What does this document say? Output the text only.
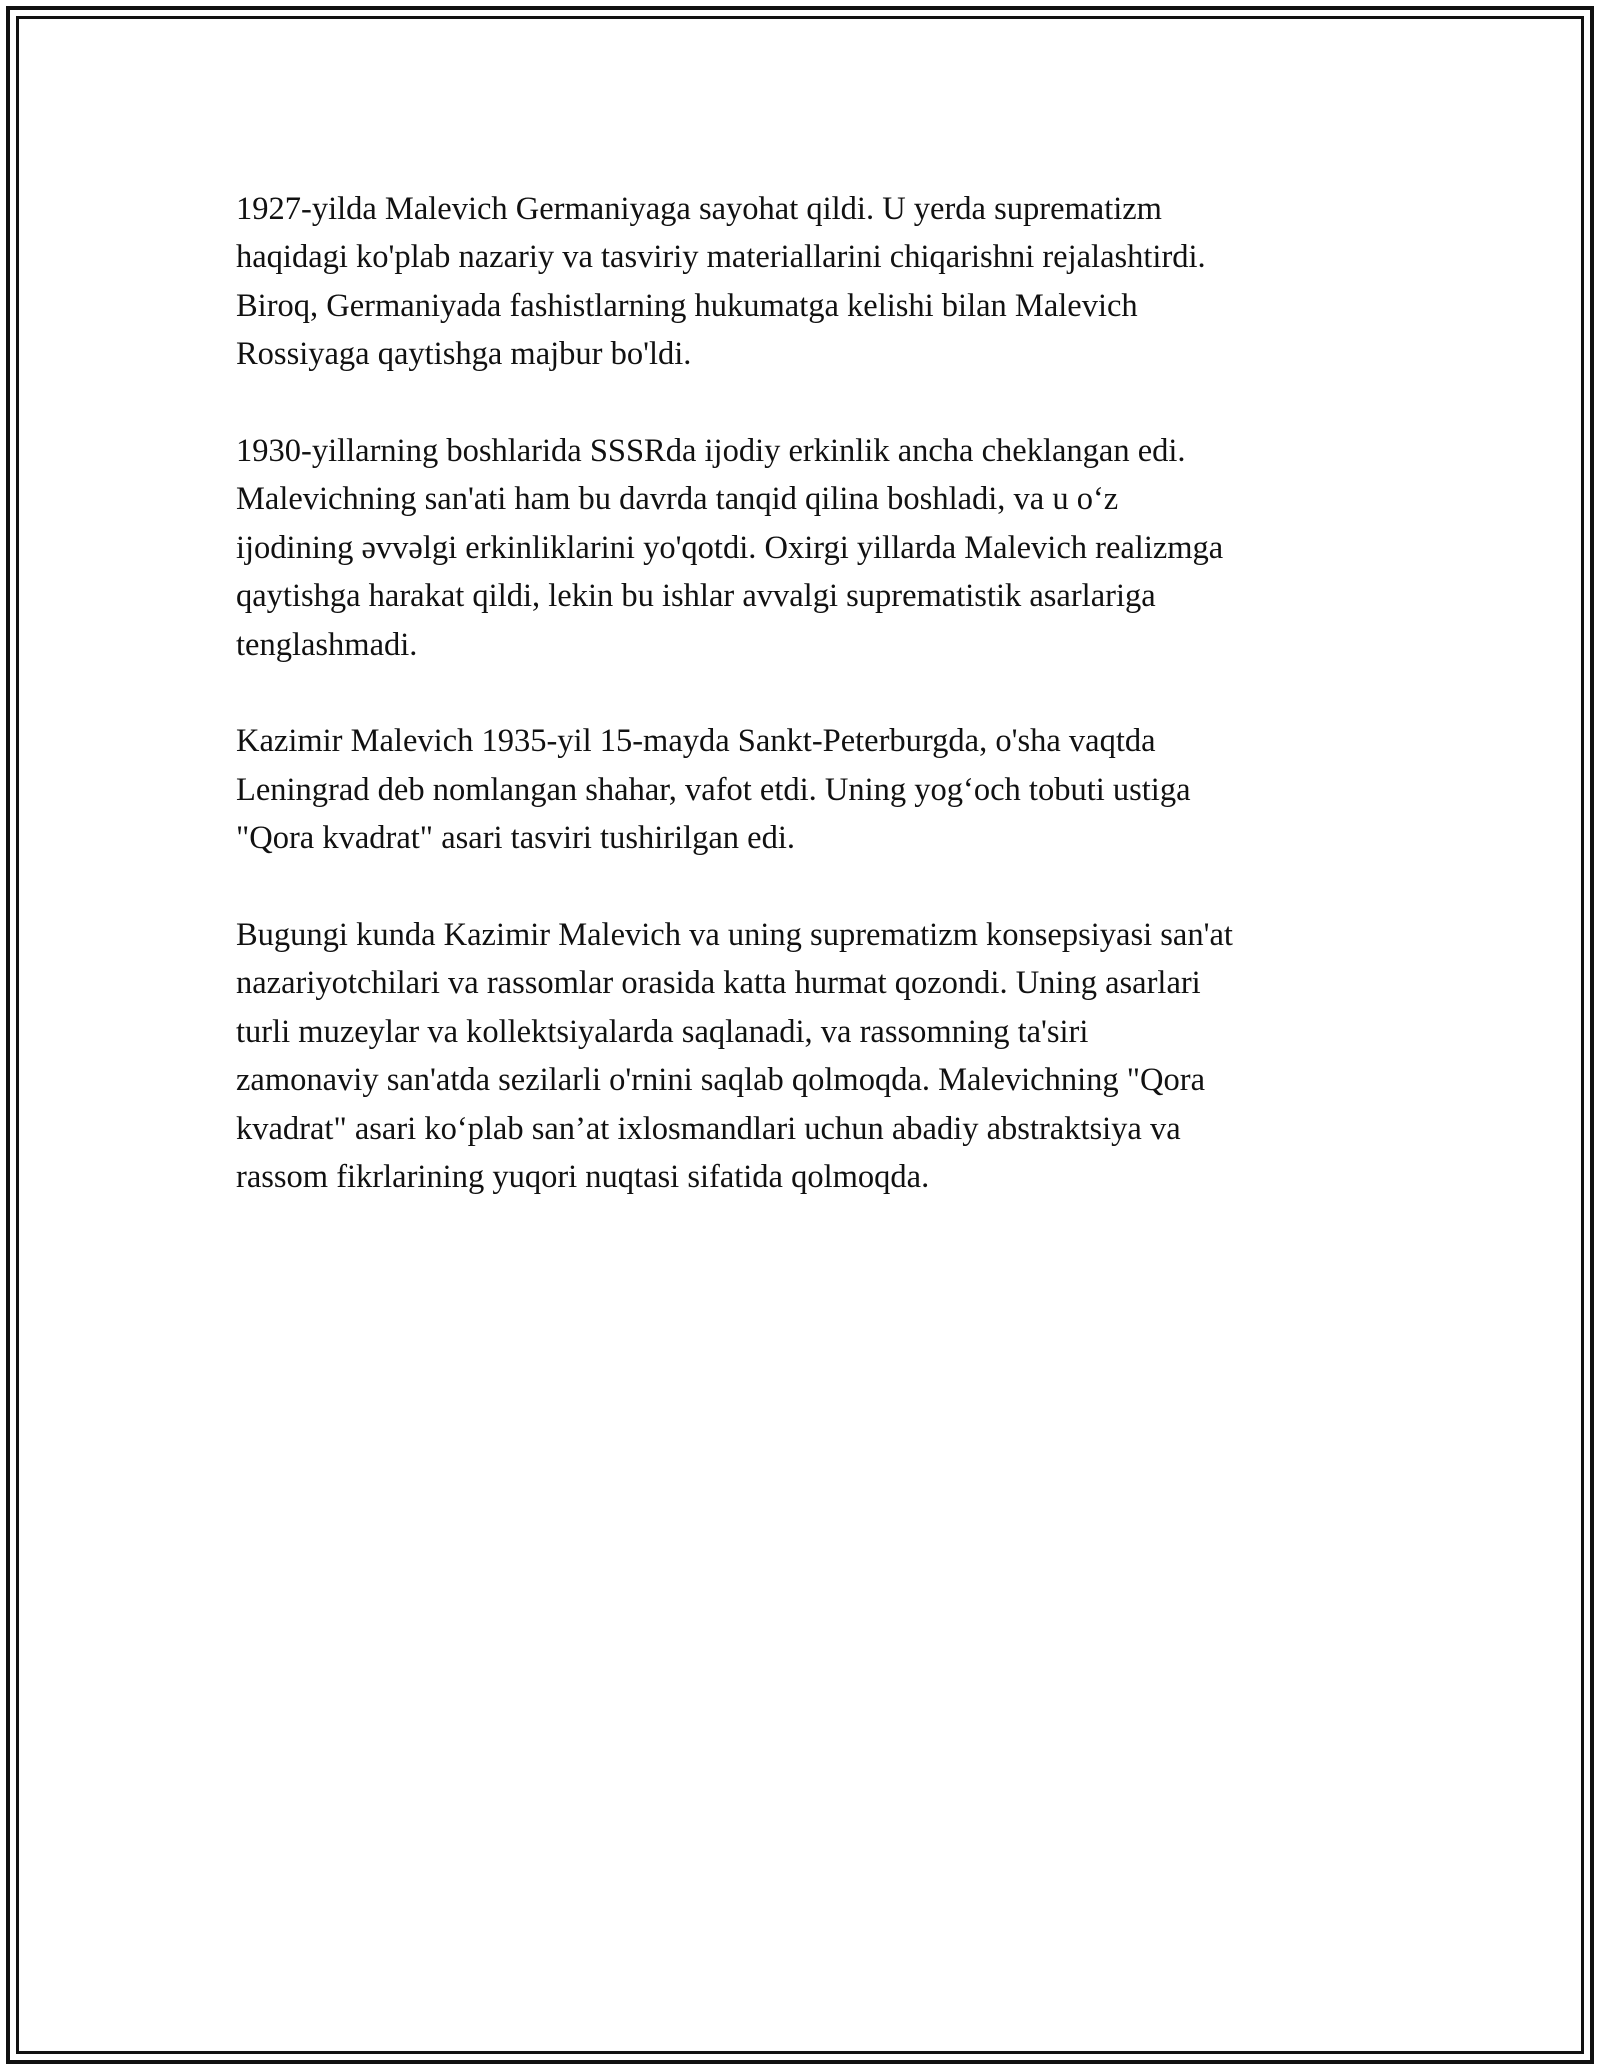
1927-yilda Malevich Germaniyaga sayohat qildi. U yerda suprematizm
haqidagi ko'plab nazariy va tasviriy materiallarini chiqarishni rejalashtirdi.
Biroq, Germaniyada fashistlarning hukumatga kelishi bilan Malevich
Rossiyaga qaytishga majbur bo'ldi.

1930-yillarning boshlarida SSSRda ijodiy erkinlik ancha cheklangan edi.
Malevichning san'ati ham bu davrda tanqid qilina boshladi, va u o‘z
ijodining əvvəlgi erkinliklarini yo'qotdi. Oxirgi yillarda Malevich realizmga
qaytishga harakat qildi, lekin bu ishlar avvalgi suprematistik asarlariga
tenglashmadi.

Kazimir Malevich 1935-yil 15-mayda Sankt-Peterburgda, o'sha vaqtda
Leningrad deb nomlangan shahar, vafot etdi. Uning yog‘och tobuti ustiga
"Qora kvadrat" asari tasviri tushirilgan edi.

Bugungi kunda Kazimir Malevich va uning suprematizm konsepsiyasi san'at
nazariyotchilari va rassomlar orasida katta hurmat qozondi. Uning asarlari
turli muzeylar va kollektsiyalarda saqlanadi, va rassomning ta'siri
zamonaviy san'atda sezilarli o'rnini saqlab qolmoqda. Malevichning "Qora
kvadrat" asari ko‘plab san’at ixlosmandlari uchun abadiy abstraktsiya va
rassom fikrlarining yuqori nuqtasi sifatida qolmoqda.
